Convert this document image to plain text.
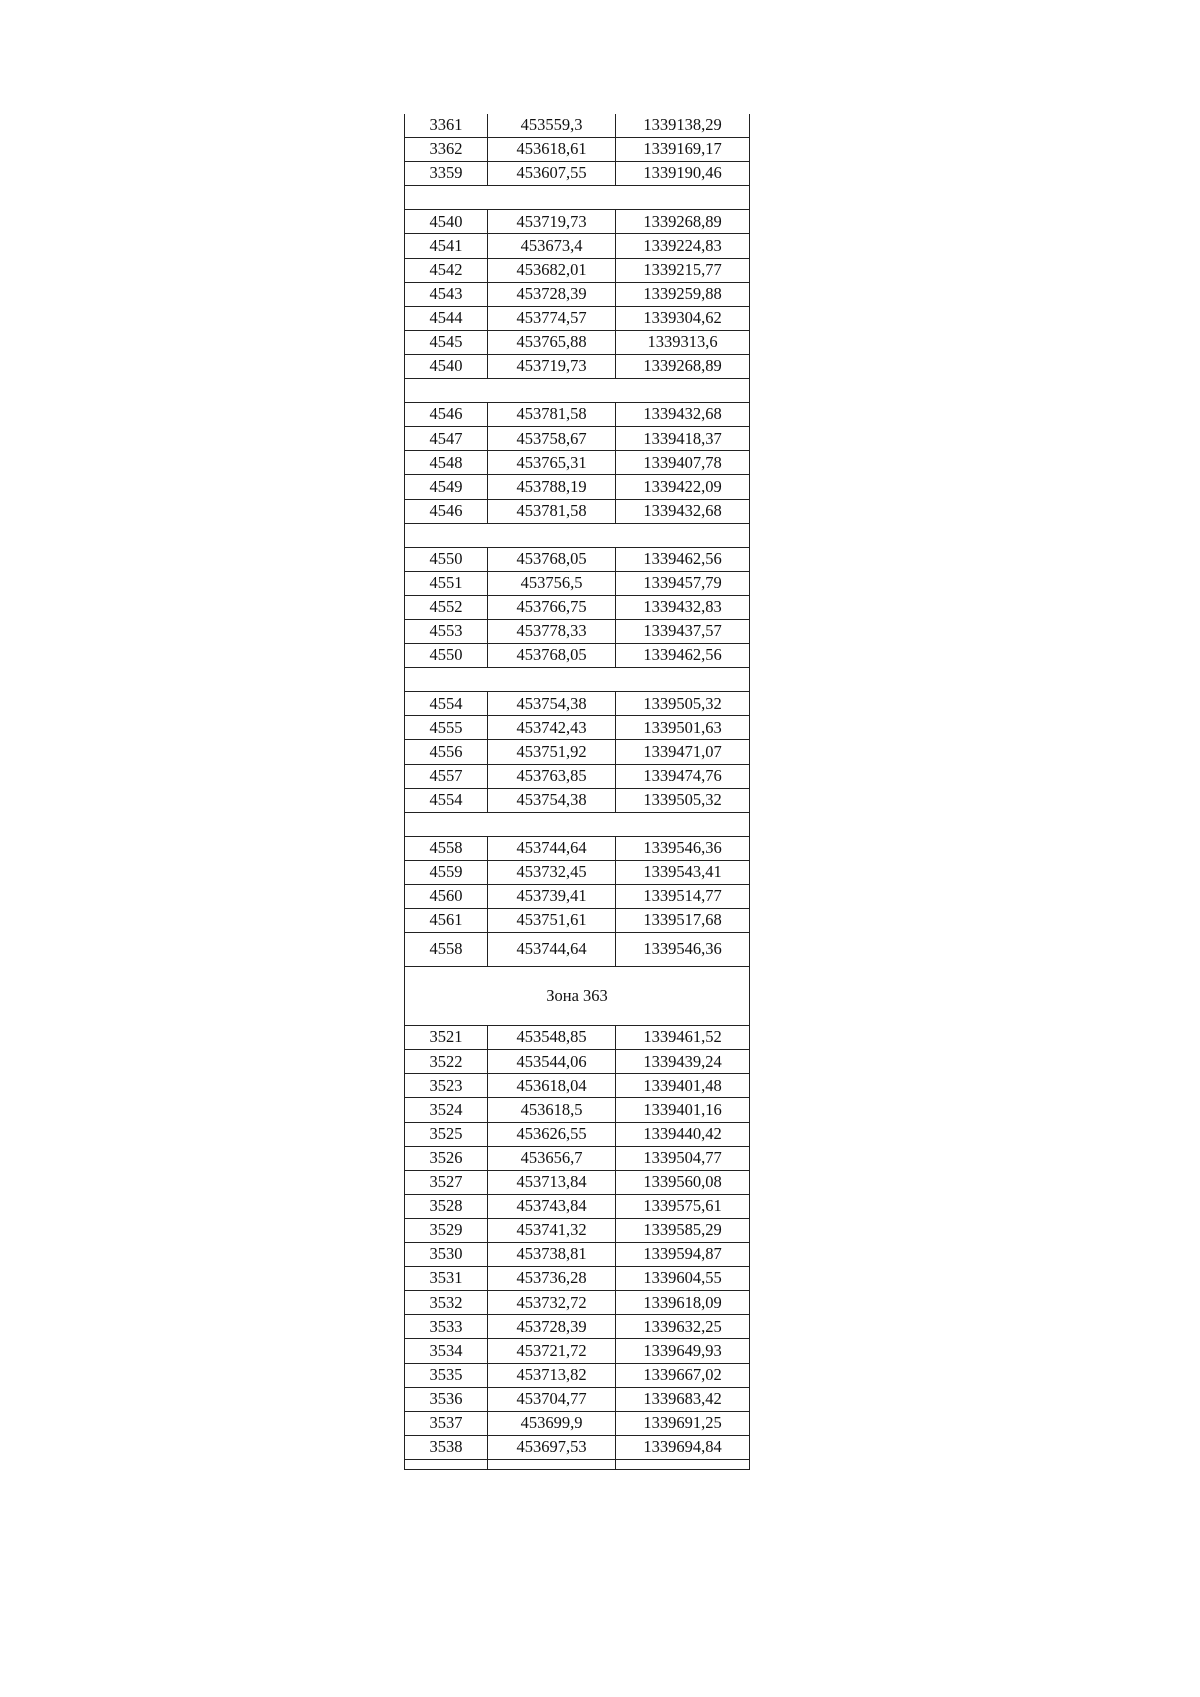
3361	453559,3	1339138,29
3362	453618,61	1339169,17
3359	453607,55	1339190,46

4540	453719,73	1339268,89
4541	453673,4	1339224,83
4542	453682,01	1339215,77
4543	453728,39	1339259,88
4544	453774,57	1339304,62
4545	453765,88	1339313,6
4540	453719,73	1339268,89

4546	453781,58	1339432,68
4547	453758,67	1339418,37
4548	453765,31	1339407,78
4549	453788,19	1339422,09
4546	453781,58	1339432,68

4550	453768,05	1339462,56
4551	453756,5	1339457,79
4552	453766,75	1339432,83
4553	453778,33	1339437,57
4550	453768,05	1339462,56

4554	453754,38	1339505,32
4555	453742,43	1339501,63
4556	453751,92	1339471,07
4557	453763,85	1339474,76
4554	453754,38	1339505,32

4558	453744,64	1339546,36
4559	453732,45	1339543,41
4560	453739,41	1339514,77
4561	453751,61	1339517,68
4558	453744,64	1339546,36
Зона 363		
3521	453548,85	1339461,52
3522	453544,06	1339439,24
3523	453618,04	1339401,48
3524	453618,5	1339401,16
3525	453626,55	1339440,42
3526	453656,7	1339504,77
3527	453713,84	1339560,08
3528	453743,84	1339575,61
3529	453741,32	1339585,29
3530	453738,81	1339594,87
3531	453736,28	1339604,55
3532	453732,72	1339618,09
3533	453728,39	1339632,25
3534	453721,72	1339649,93
3535	453713,82	1339667,02
3536	453704,77	1339683,42
3537	453699,9	1339691,25
3538	453697,53	1339694,84
